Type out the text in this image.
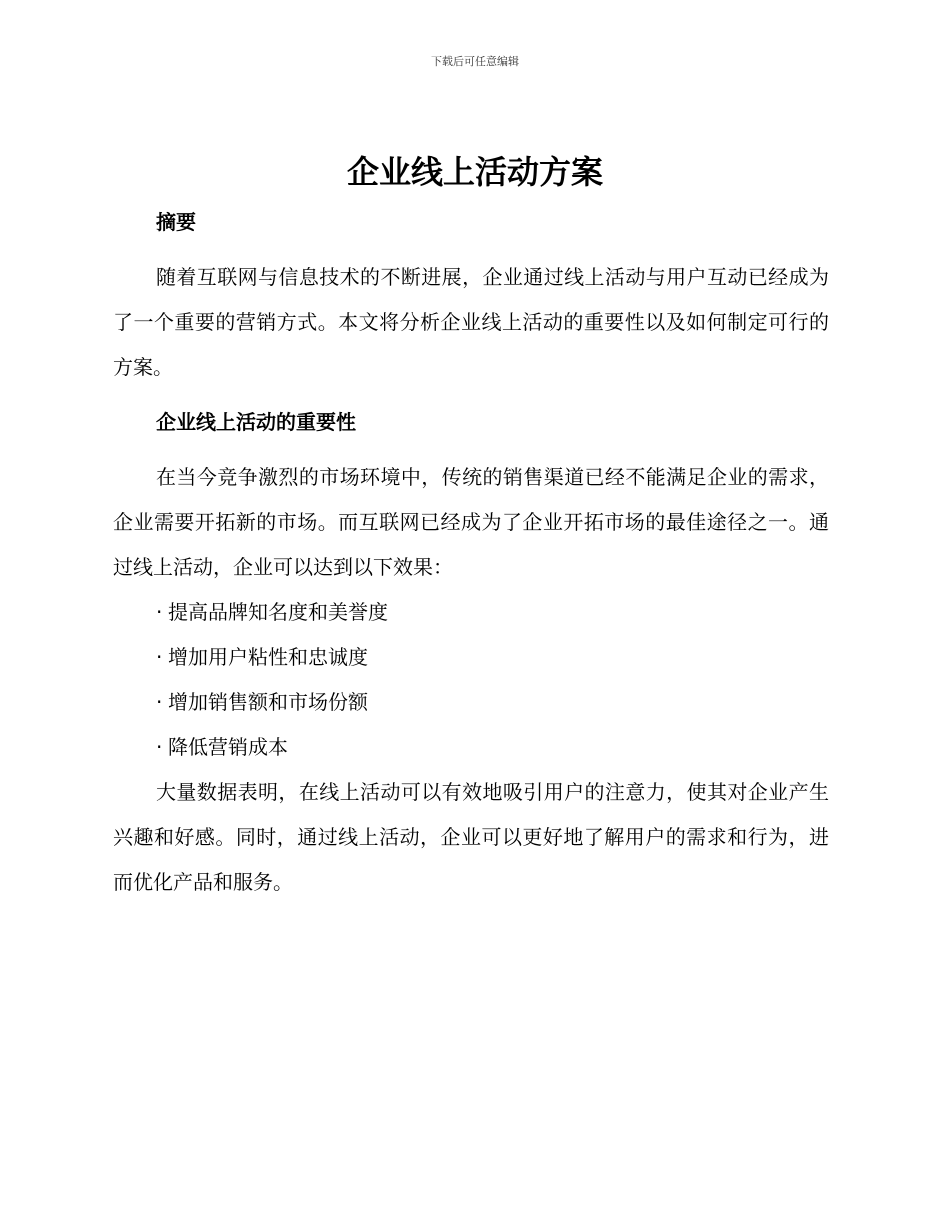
下载后可任意编辑
企业线上活动方案
摘要

随着互联网与信息技术的不断进展，企业通过线上活动与用户互动已经成为了一个重要的营销方式。本文将分析企业线上活动的重要性以及如何制定可行的方案。

企业线上活动的重要性

在当今竞争激烈的市场环境中，传统的销售渠道已经不能满足企业的需求，企业需要开拓新的市场。而互联网已经成为了企业开拓市场的最佳途径之一。通过线上活动，企业可以达到以下效果：

· 提高品牌知名度和美誉度
· 增加用户粘性和忠诚度
· 增加销售额和市场份额
· 降低营销成本

大量数据表明，在线上活动可以有效地吸引用户的注意力，使其对企业产生兴趣和好感。同时，通过线上活动，企业可以更好地了解用户的需求和行为，进而优化产品和服务。
